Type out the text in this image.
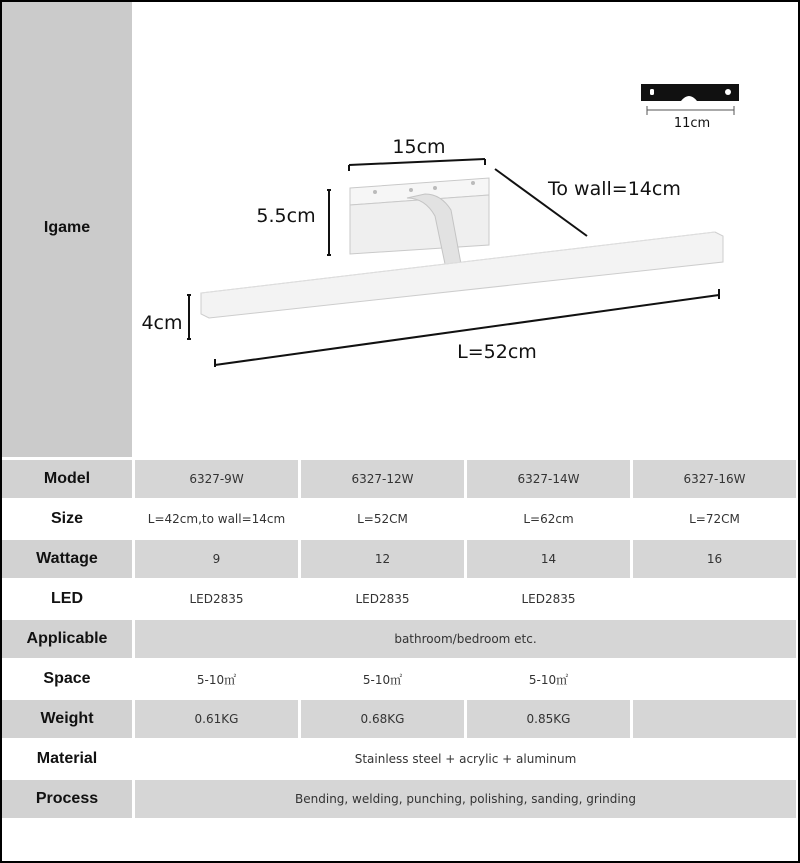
Igame
11cm
15cm
5.5cm
To wall=14cm
4cm
L=52cm
Model	6327-9W	6327-12W	6327-14W	6327-16W
Size	L=42cm,to wall=14cm	L=52CM	L=62cm	L=72CM
Wattage	9	12	14	16
LED	LED2835	LED2835	LED2835
Applicable	bathroom/bedroom etc.
Space	5-10㎡	5-10㎡	5-10㎡
Weight	0.61KG	0.68KG	0.85KG
Material	Stainless steel + acrylic + aluminum
Process	Bending, welding, punching, polishing, sanding, grinding
